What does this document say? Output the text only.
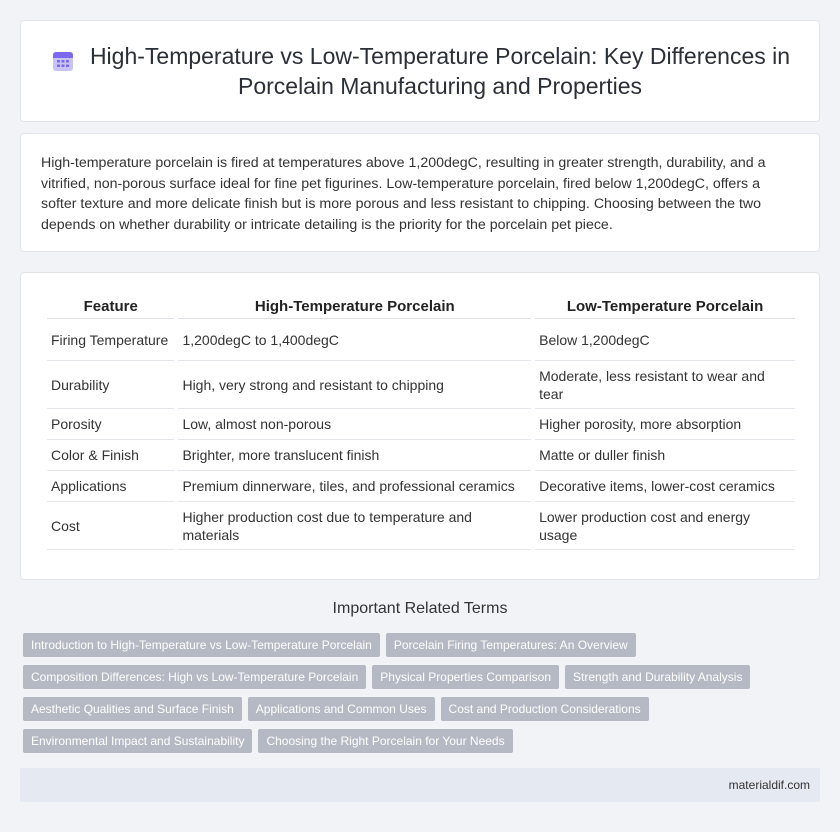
High-Temperature vs Low-Temperature Porcelain: Key Differences in Porcelain Manufacturing and Properties

High-temperature porcelain is fired at temperatures above 1,200degC, resulting in greater strength, durability, and a vitrified, non-porous surface ideal for fine pet figurines. Low-temperature porcelain, fired below 1,200degC, offers a softer texture and more delicate finish but is more porous and less resistant to chipping. Choosing between the two depends on whether durability or intricate detailing is the priority for the porcelain pet piece.

Feature	High-Temperature Porcelain	Low-Temperature Porcelain
Firing Temperature	1,200degC to 1,400degC	Below 1,200degC
Durability	High, very strong and resistant to chipping	Moderate, less resistant to wear and tear
Porosity	Low, almost non-porous	Higher porosity, more absorption
Color & Finish	Brighter, more translucent finish	Matte or duller finish
Applications	Premium dinnerware, tiles, and professional ceramics	Decorative items, lower-cost ceramics
Cost	Higher production cost due to temperature and materials	Lower production cost and energy usage
Important Related Terms
Introduction to High-Temperature vs Low-Temperature Porcelain	Porcelain Firing Temperatures: An Overview
Composition Differences: High vs Low-Temperature Porcelain	Physical Properties Comparison	Strength and Durability Analysis
Aesthetic Qualities and Surface Finish	Applications and Common Uses	Cost and Production Considerations
Environmental Impact and Sustainability	Choosing the Right Porcelain for Your Needs
materialdif.com
